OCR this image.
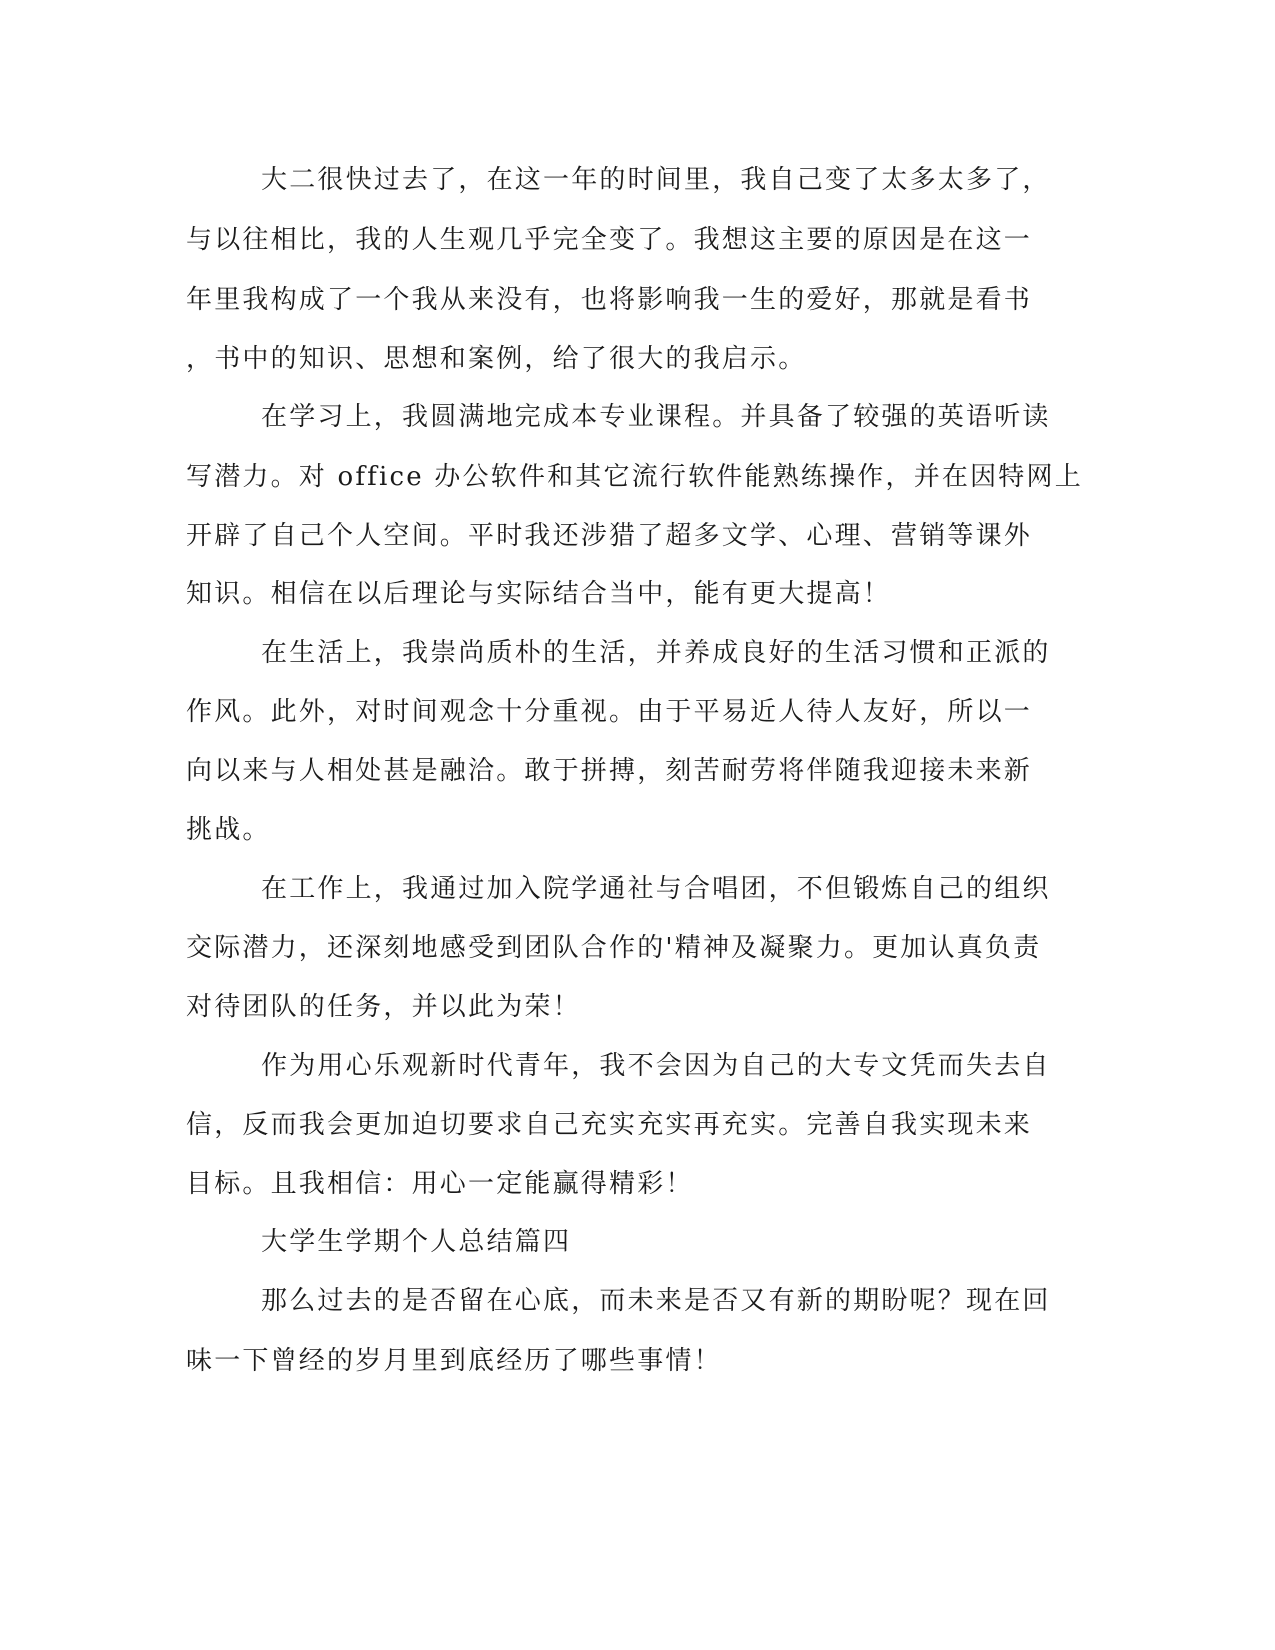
大二很快过去了，在这一年的时间里，我自己变了太多太多了，

与以往相比，我的人生观几乎完全变了。我想这主要的原因是在这一

年里我构成了一个我从来没有，也将影响我一生的爱好，那就是看书

，书中的知识、思想和案例，给了很大的我启示。

在学习上，我圆满地完成本专业课程。并具备了较强的英语听读

写潜力。对 office 办公软件和其它流行软件能熟练操作，并在因特网上

开辟了自己个人空间。平时我还涉猎了超多文学、心理、营销等课外

知识。相信在以后理论与实际结合当中，能有更大提高！

在生活上，我崇尚质朴的生活，并养成良好的生活习惯和正派的

作风。此外，对时间观念十分重视。由于平易近人待人友好，所以一

向以来与人相处甚是融洽。敢于拼搏，刻苦耐劳将伴随我迎接未来新

挑战。

在工作上，我通过加入院学通社与合唱团，不但锻炼自己的组织

交际潜力，还深刻地感受到团队合作的'精神及凝聚力。更加认真负责

对待团队的任务，并以此为荣！

作为用心乐观新时代青年，我不会因为自己的大专文凭而失去自

信，反而我会更加迫切要求自己充实充实再充实。完善自我实现未来

目标。且我相信：用心一定能赢得精彩！

大学生学期个人总结篇四

那么过去的是否留在心底，而未来是否又有新的期盼呢？现在回

味一下曾经的岁月里到底经历了哪些事情！
